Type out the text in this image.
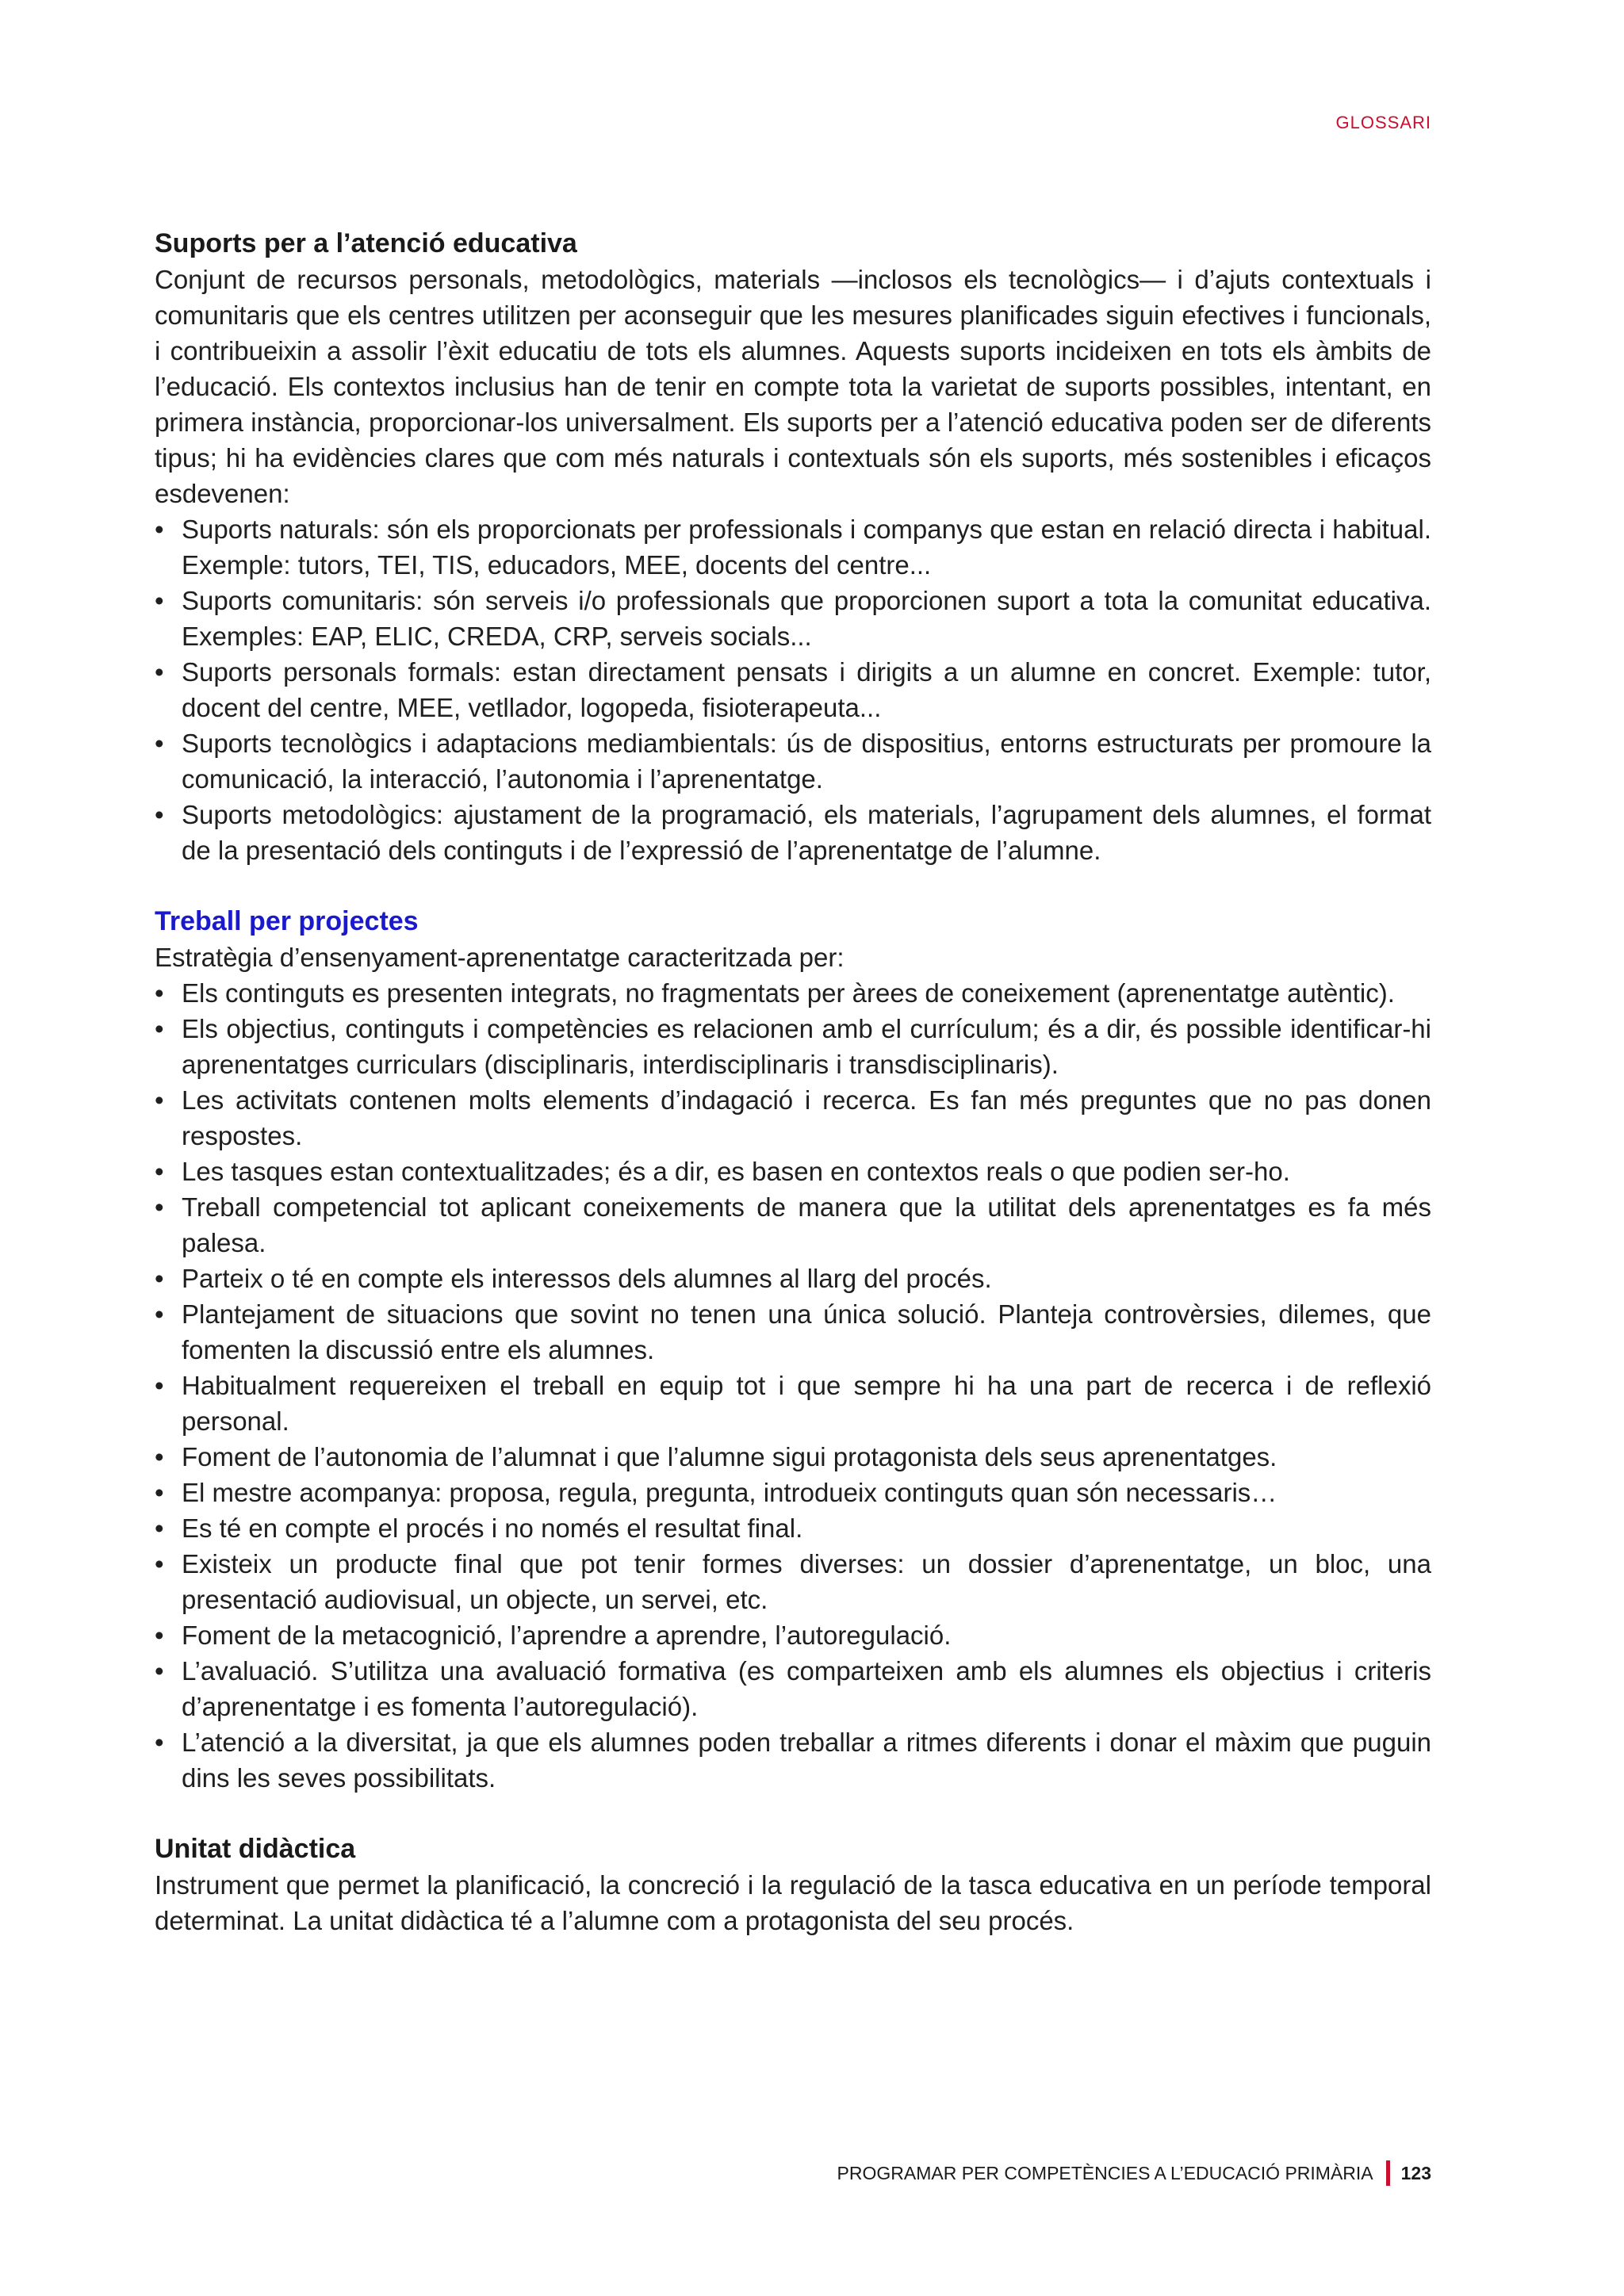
GLOSSARI
Suports per a l’atenció educativa

Conjunt de recursos personals, metodològics, materials —inclosos els tecnològics— i d’ajuts contextuals i comunitaris que els centres utilitzen per aconseguir que les mesures planificades siguin efectives i funcionals, i contribueixin a assolir l’èxit educatiu de tots els alumnes. Aquests suports incideixen en tots els àmbits de l’educació. Els contextos inclusius han de tenir en compte tota la varietat de suports possibles, intentant, en primera instància, proporcionar-los universalment. Els suports per a l’atenció educativa poden ser de diferents tipus; hi ha evidències clares que com més naturals i contextuals són els suports, més sostenibles i eficaços esdevenen:

• Suports naturals: són els proporcionats per professionals i companys que estan en relació directa i habitual. Exemple: tutors, TEI, TIS, educadors, MEE, docents del centre...
• Suports comunitaris: són serveis i/o professionals que proporcionen suport a tota la comunitat educativa. Exemples: EAP, ELIC, CREDA, CRP, serveis socials...
• Suports personals formals: estan directament pensats i dirigits a un alumne en concret. Exemple: tutor, docent del centre, MEE, vetllador, logopeda, fisioterapeuta...
• Suports tecnològics i adaptacions mediambientals: ús de dispositius, entorns estructurats per promoure la comunicació, la interacció, l’autonomia i l’aprenentatge.
• Suports metodològics: ajustament de la programació, els materials, l’agrupament dels alumnes, el format de la presentació dels continguts i de l’expressió de l’aprenentatge de l’alumne.
Treball per projectes

Estratègia d’ensenyament-aprenentatge caracteritzada per:

• Els continguts es presenten integrats, no fragmentats per àrees de coneixement (aprenentatge autèntic).
• Els objectius, continguts i competències es relacionen amb el currículum; és a dir, és possible identificar-hi aprenentatges curriculars (disciplinaris, interdisciplinaris i transdisciplinaris).
• Les activitats contenen molts elements d’indagació i recerca. Es fan més preguntes que no pas donen respostes.
• Les tasques estan contextualitzades; és a dir, es basen en contextos reals o que podien ser-ho.
• Treball competencial tot aplicant coneixements de manera que la utilitat dels aprenentatges es fa més palesa.
• Parteix o té en compte els interessos dels alumnes al llarg del procés.
• Plantejament de situacions que sovint no tenen una única solució. Planteja controvèrsies, dilemes, que fomenten la discussió entre els alumnes.
• Habitualment requereixen el treball en equip tot i que sempre hi ha una part de recerca i de reflexió personal.
• Foment de l’autonomia de l’alumnat i que l’alumne sigui protagonista dels seus aprenentatges.
• El mestre acompanya: proposa, regula, pregunta, introdueix continguts quan són necessaris…
• Es té en compte el procés i no només el resultat final.
• Existeix un producte final que pot tenir formes diverses: un dossier d’aprenentatge, un bloc, una presentació audiovisual, un objecte, un servei, etc.
• Foment de la metacognició, l’aprendre a aprendre, l’autoregulació.
• L’avaluació. S’utilitza una avaluació formativa (es comparteixen amb els alumnes els objectius i criteris d’aprenentatge i es fomenta l’autoregulació).
• L’atenció a la diversitat, ja que els alumnes poden treballar a ritmes diferents i donar el màxim que puguin dins les seves possibilitats.
Unitat didàctica

Instrument que permet la planificació, la concreció i la regulació de la tasca educativa en un període temporal determinat. La unitat didàctica té a l’alumne com a protagonista del seu procés.

PROGRAMAR PER COMPETÈNCIES A L’EDUCACIÓ PRIMÀRIA 123
